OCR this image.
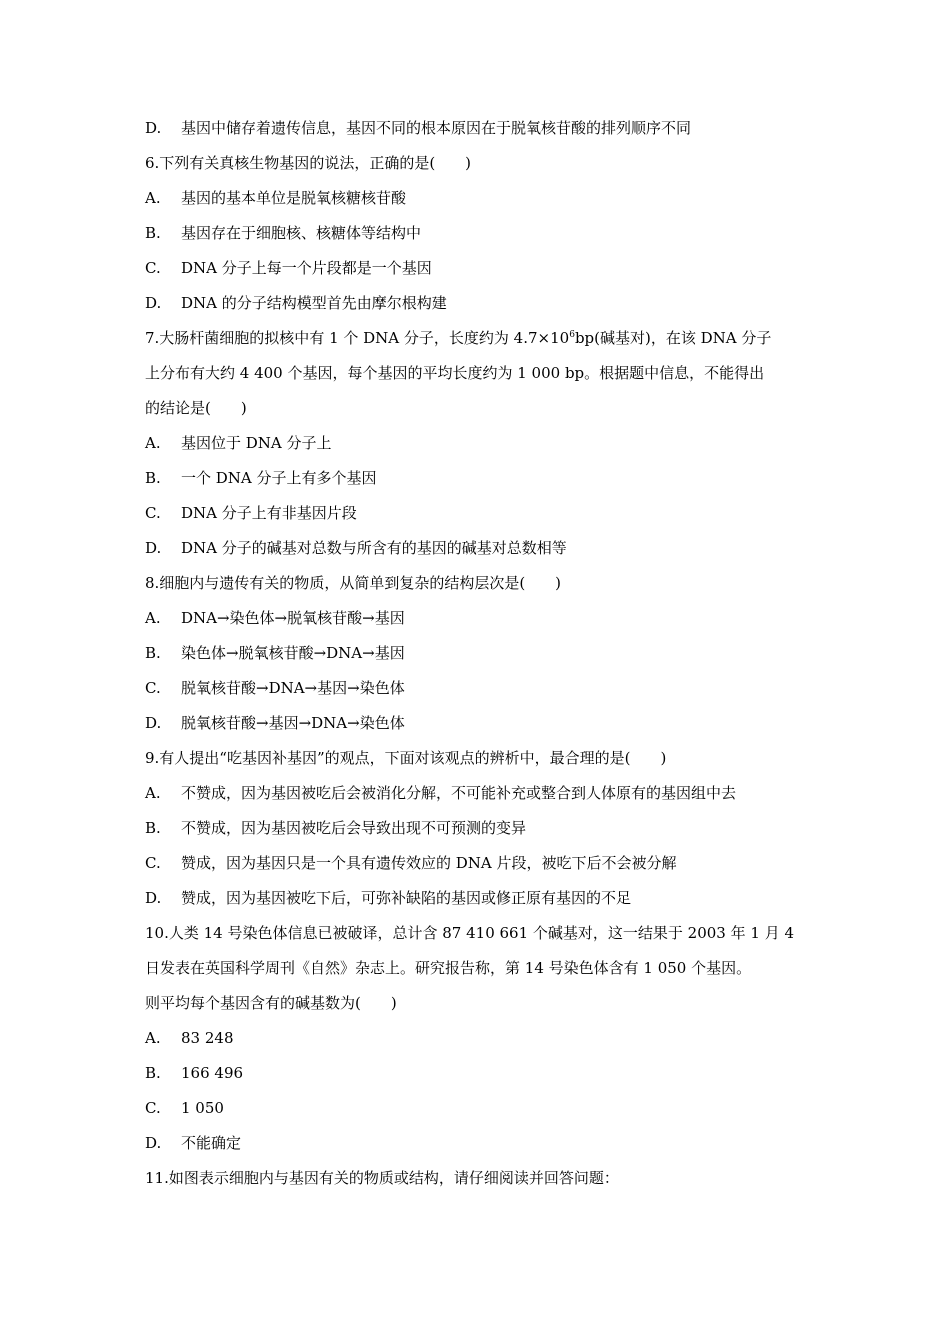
D.	基因中储存着遗传信息，基因不同的根本原因在于脱氧核苷酸的排列顺序不同
6.下列有关真核生物基因的说法，正确的是(　　)
A.	基因的基本单位是脱氧核糖核苷酸
B.	基因存在于细胞核、核糖体等结构中
C.	DNA 分子上每一个片段都是一个基因
D.	DNA 的分子结构模型首先由摩尔根构建
7.大肠杆菌细胞的拟核中有 1 个 DNA 分子，长度约为 $4.7\times 10^6bp$(碱基对)，在该 DNA 分子
上分布有大约 4 400 个基因，每个基因的平均长度约为 1 000 bp。根据题中信息，不能得出
的结论是(　　)
A.	基因位于 DNA 分子上
B.	一个 DNA 分子上有多个基因
C.	DNA 分子上有非基因片段
D.	DNA 分子的碱基对总数与所含有的基因的碱基对总数相等
8.细胞内与遗传有关的物质，从简单到复杂的结构层次是(　　)
A.	DNA→染色体→脱氧核苷酸→基因
B.	染色体→脱氧核苷酸→DNA→基因
C.	脱氧核苷酸→DNA→基因→染色体
D.	脱氧核苷酸→基因→DNA→染色体
9.有人提出“吃基因补基因”的观点，下面对该观点的辨析中，最合理的是(　　)
A.	不赞成，因为基因被吃后会被消化分解，不可能补充或整合到人体原有的基因组中去
B.	不赞成，因为基因被吃后会导致出现不可预测的变异
C.	赞成，因为基因只是一个具有遗传效应的 DNA 片段，被吃下后不会被分解
D.	赞成，因为基因被吃下后，可弥补缺陷的基因或修正原有基因的不足
10.人类 14 号染色体信息已被破译，总计含 87 410 661 个碱基对，这一结果于 2003 年 1 月 4
日发表在英国科学周刊《自然》杂志上。研究报告称，第 14 号染色体含有 1 050 个基因。
则平均每个基因含有的碱基数为(　　)
A.	83 248
B.	166 496
C.	1 050
D.	不能确定
11.如图表示细胞内与基因有关的物质或结构，请仔细阅读并回答问题：
